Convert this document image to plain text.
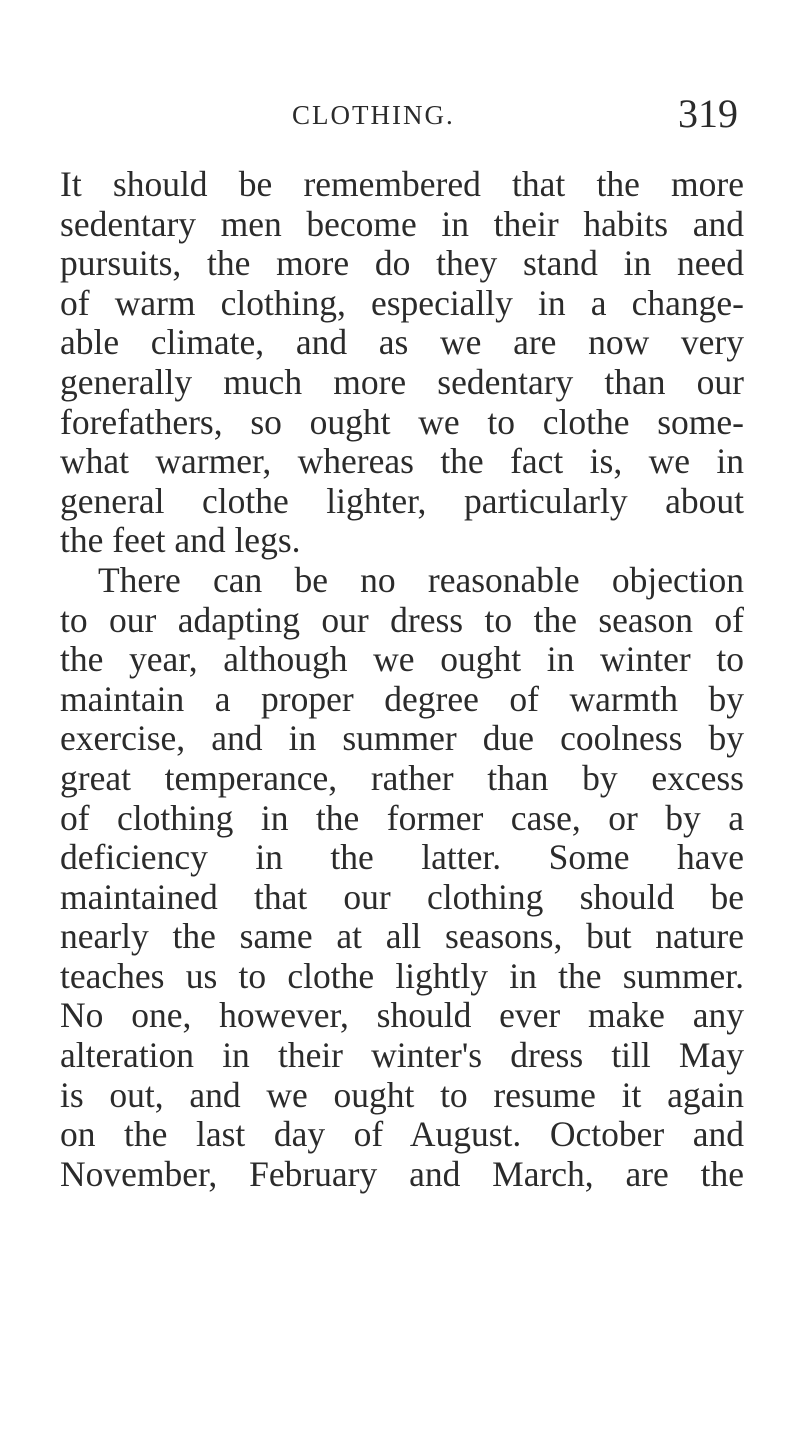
CLOTHING.	319
It should be remembered that the more
sedentary men become in their habits and
pursuits, the more do they stand in need
of warm clothing, especially in a change-
able climate, and as we are now very
generally much more sedentary than our
forefathers, so ought we to clothe some-
what warmer, whereas the fact is, we in
general clothe lighter, particularly about
the feet and legs.
There can be no reasonable objection
to our adapting our dress to the season of
the year, although we ought in winter to
maintain a proper degree of warmth by
exercise, and in summer due coolness by
great temperance, rather than by excess
of clothing in the former case, or by a
deficiency in the latter. Some have
maintained that our clothing should be
nearly the same at all seasons, but nature
teaches us to clothe lightly in the summer.
No one, however, should ever make any
alteration in their winter's dress till May
is out, and we ought to resume it again
on the last day of August. October and
November, February and March, are the
